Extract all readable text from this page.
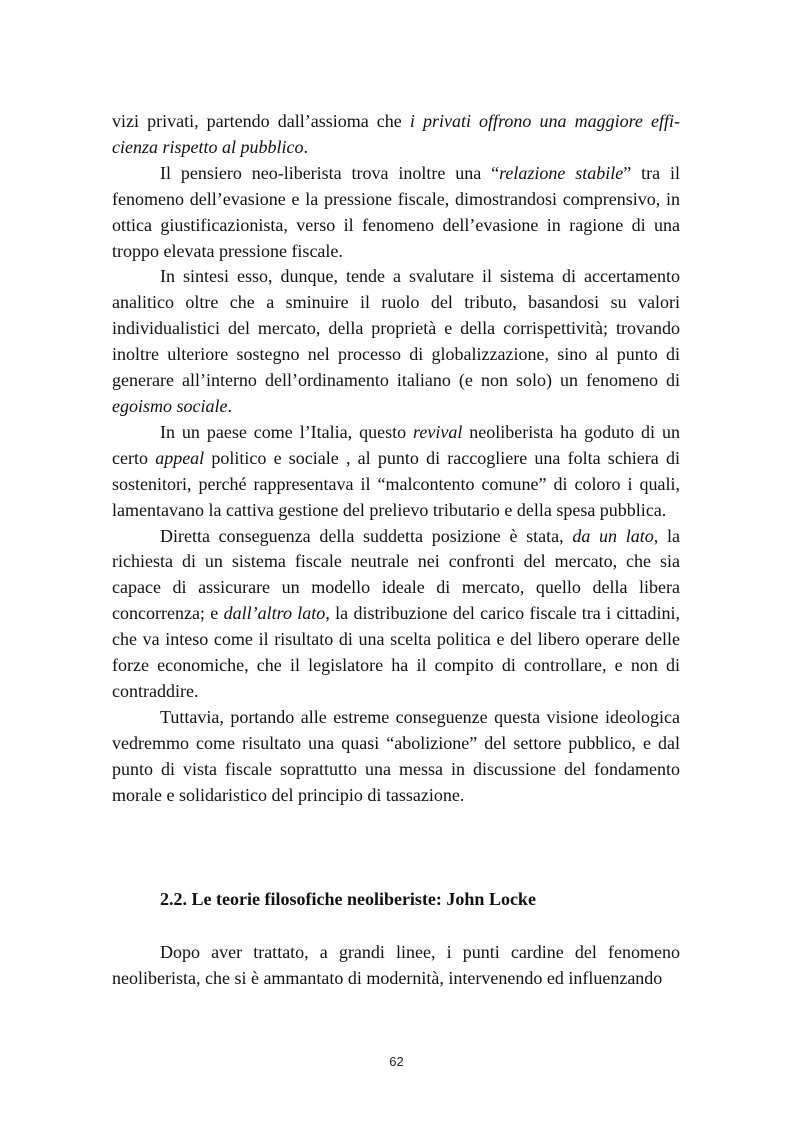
vizi privati, partendo dall’assioma che i privati offrono una maggiore effi-cienza rispetto al pubblico.

Il pensiero neo-liberista trova inoltre una “relazione stabile” tra il fenomeno dell’evasione e la pressione fiscale, dimostrandosi comprensivo, in ottica giustificazionista, verso il fenomeno dell’evasione in ragione di una troppo elevata pressione fiscale.

In sintesi esso, dunque, tende a svalutare il sistema di accertamento analitico oltre che a sminuire il ruolo del tributo, basandosi su valori individualistici del mercato, della proprietà e della corrispettività; trovando inoltre ulteriore sostegno nel processo di globalizzazione, sino al punto di generare all’interno dell’ordinamento italiano (e non solo) un fenomeno di egoismo sociale.

In un paese come l’Italia, questo revival neoliberista ha goduto di un certo appeal politico e sociale , al punto di raccogliere una folta schiera di sostenitori, perché rappresentava il “malcontento comune” di coloro i quali, lamentavano la cattiva gestione del prelievo tributario e della spesa pubblica.

Diretta conseguenza della suddetta posizione è stata, da un lato, la richiesta di un sistema fiscale neutrale nei confronti del mercato, che sia capace di assicurare un modello ideale di mercato, quello della libera concorrenza; e dall’altro lato, la distribuzione del carico fiscale tra i cittadini, che va inteso come il risultato di una scelta politica e del libero operare delle forze economiche, che il legislatore ha il compito di controllare, e non di contraddire.

Tuttavia, portando alle estreme conseguenze questa visione ideologica vedremmo come risultato una quasi “abolizione” del settore pubblico, e dal punto di vista fiscale soprattutto una messa in discussione del fondamento morale e solidaristico del principio di tassazione.

2.2. Le teorie filosofiche neoliberiste: John Locke

Dopo aver trattato, a grandi linee, i punti cardine del fenomeno neoliberista, che si è ammantato di modernità, intervenendo ed influenzando

62
